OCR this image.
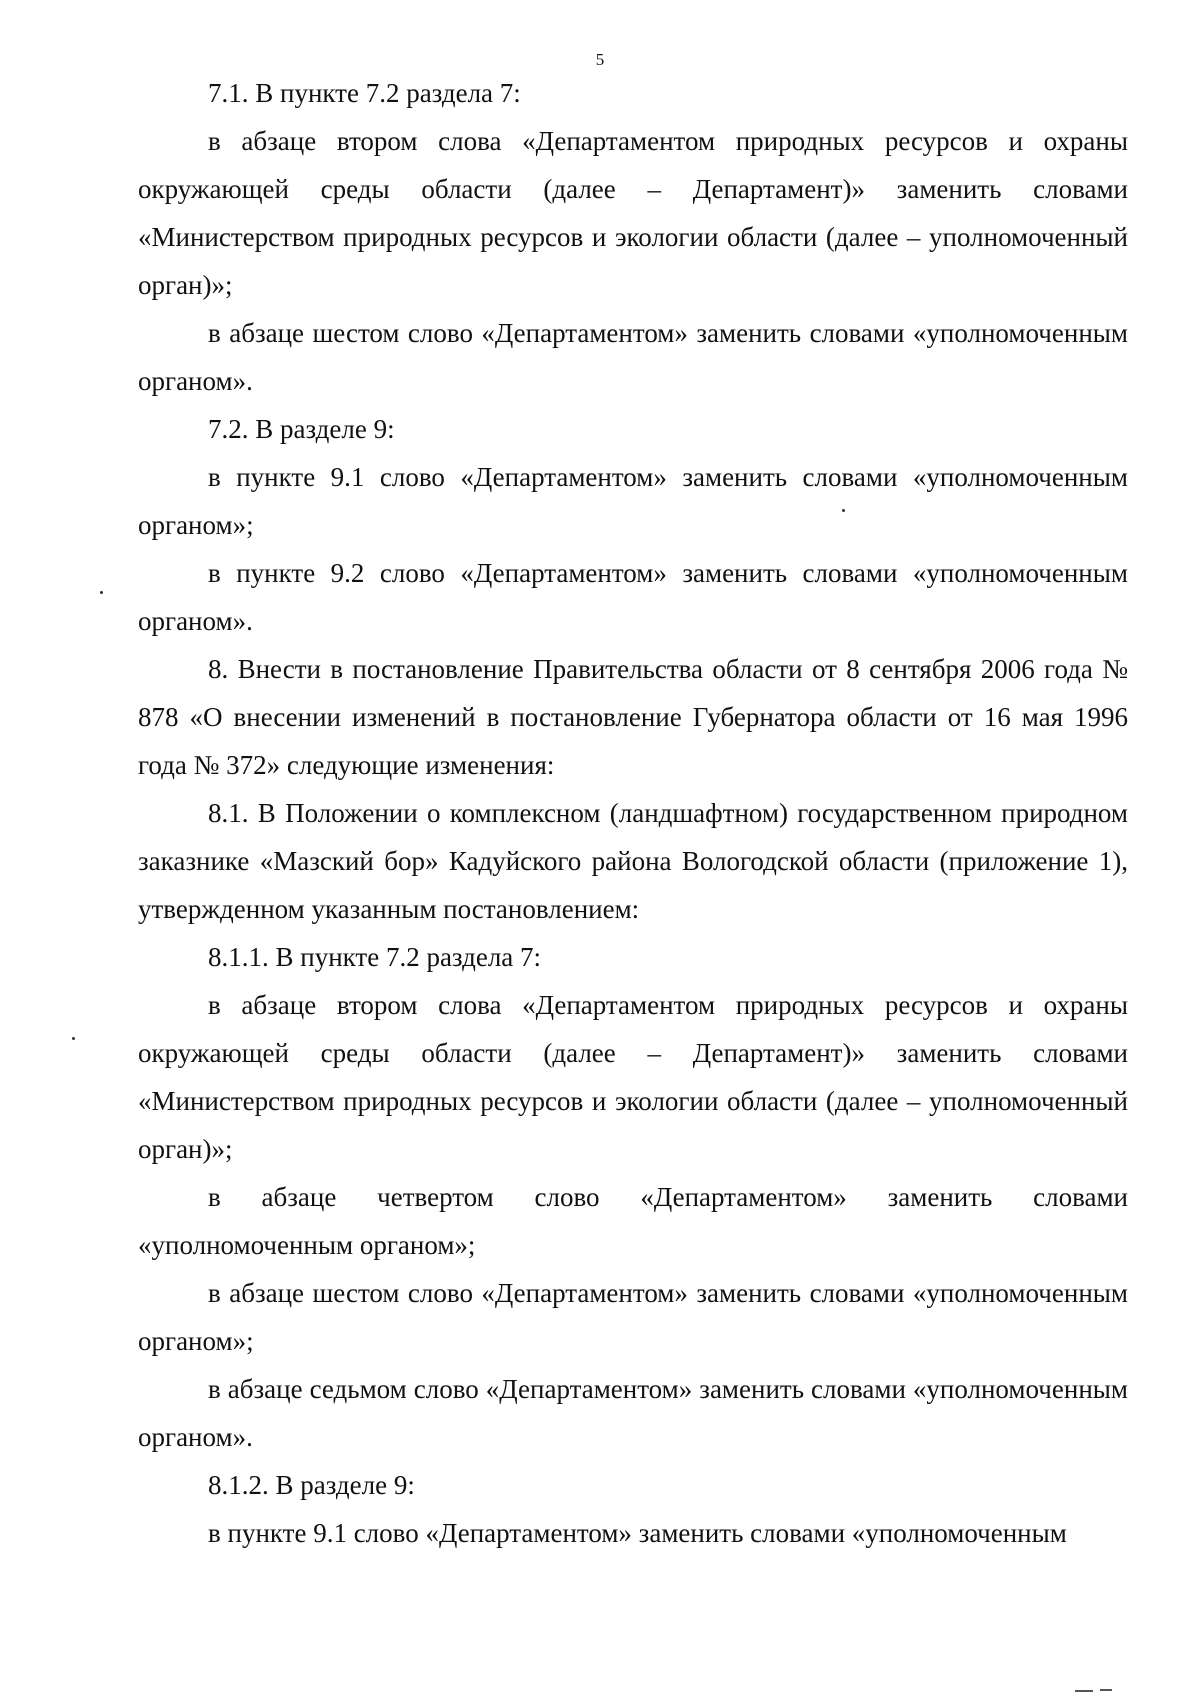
5

7.1. В пункте 7.2 раздела 7:

в абзаце втором слова «Департаментом природных ресурсов и охраны окружающей среды области (далее – Департамент)» заменить словами «Министерством природных ресурсов и экологии области (далее – уполномоченный орган)»;

в абзаце шестом слово «Департаментом» заменить словами «уполномоченным органом».

7.2. В разделе 9:

в пункте 9.1 слово «Департаментом» заменить словами «уполномоченным органом»;

в пункте 9.2 слово «Департаментом» заменить словами «уполномоченным органом».

8. Внести в постановление Правительства области от 8 сентября 2006 года № 878 «О внесении изменений в постановление Губернатора области от 16 мая 1996 года № 372» следующие изменения:

8.1. В Положении о комплексном (ландшафтном) государственном природном заказнике «Мазский бор» Кадуйского района Вологодской области (приложение 1), утвержденном указанным постановлением:

8.1.1. В пункте 7.2 раздела 7:

в абзаце втором слова «Департаментом природных ресурсов и охраны окружающей среды области (далее – Департамент)» заменить словами «Министерством природных ресурсов и экологии области (далее – уполномоченный орган)»;

в абзаце четвертом слово «Департаментом» заменить словами «уполномоченным органом»;

в абзаце шестом слово «Департаментом» заменить словами «уполномоченным органом»;

в абзаце седьмом слово «Департаментом» заменить словами «уполномоченным органом».

8.1.2. В разделе 9:

в пункте 9.1 слово «Департаментом» заменить словами «уполномоченным
